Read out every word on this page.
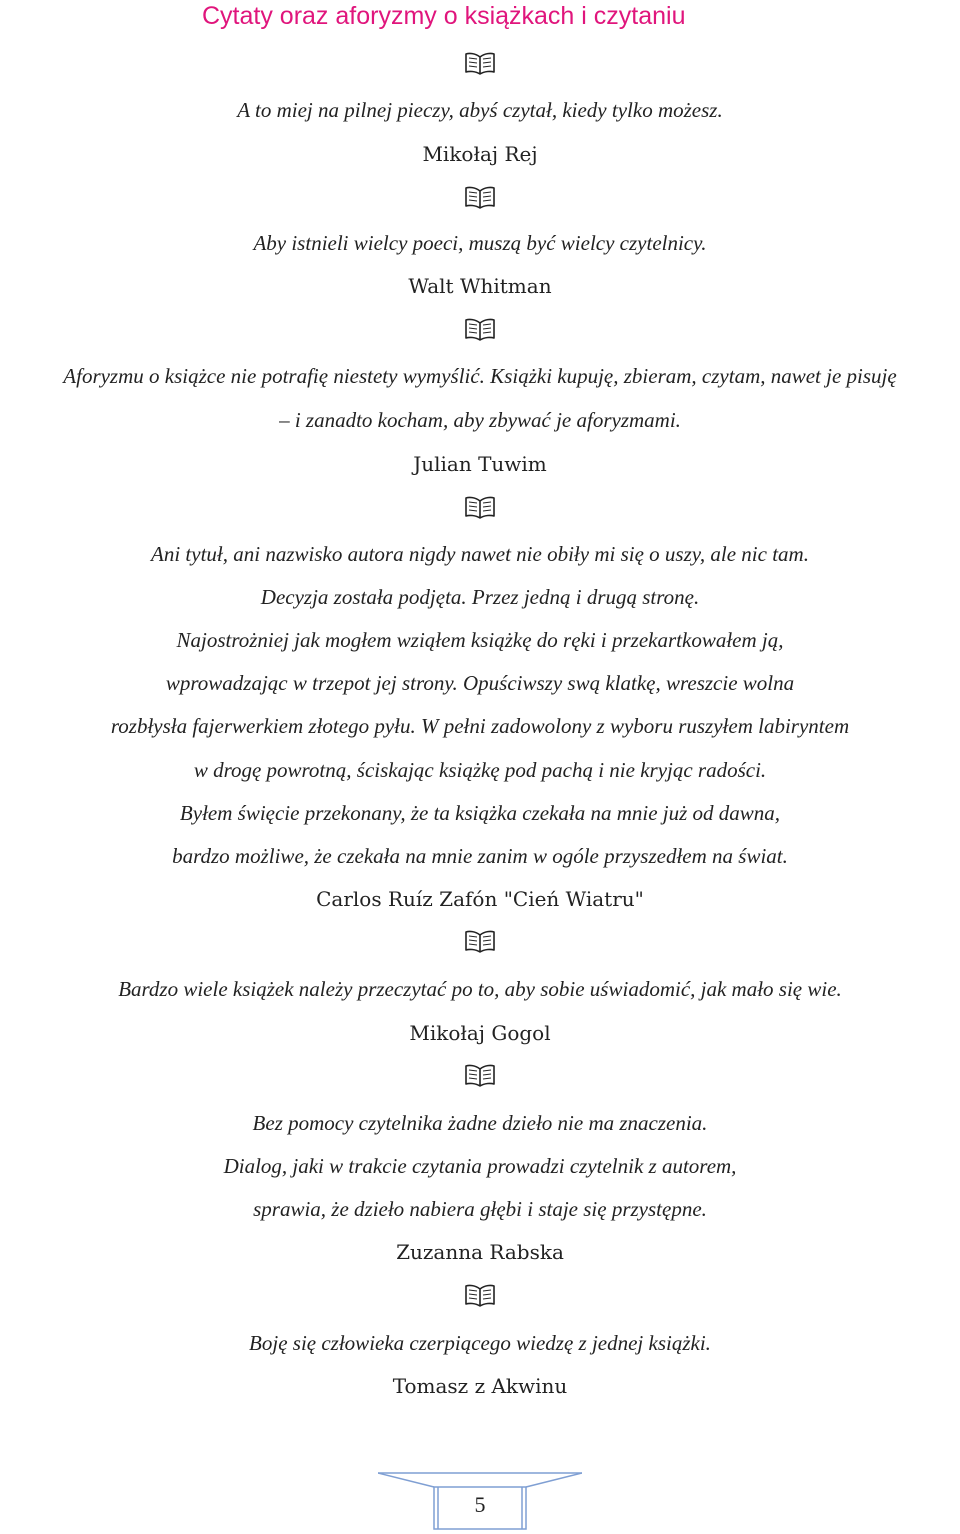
Cytaty oraz aforyzmy o książkach i czytaniu
A to miej na pilnej pieczy, abyś czytał, kiedy tylko możesz.
Mikołaj Rej
Aby istnieli wielcy poeci, muszą być wielcy czytelnicy.
Walt Whitman
Aforyzmu o książce nie potrafię niestety wymyślić. Książki kupuję, zbieram, czytam, nawet je pisuję
– i zanadto kocham, aby zbywać je aforyzmami.
Julian Tuwim
Ani tytuł, ani nazwisko autora nigdy nawet nie obiły mi się o uszy, ale nic tam.
Decyzja została podjęta. Przez jedną i drugą stronę.
Najostrożniej jak mogłem wziąłem książkę do ręki i przekartkowałem ją,
wprowadzając w trzepot jej strony. Opuściwszy swą klatkę, wreszcie wolna
rozbłysła fajerwerkiem złotego pyłu. W pełni zadowolony z wyboru ruszyłem labiryntem
w drogę powrotną, ściskając książkę pod pachą i nie kryjąc radości.
Byłem święcie przekonany, że ta książka czekała na mnie już od dawna,
bardzo możliwe, że czekała na mnie zanim w ogóle przyszedłem na świat.
Carlos Ruíz Zafón "Cień Wiatru"
Bardzo wiele książek należy przeczytać po to, aby sobie uświadomić, jak mało się wie.
Mikołaj Gogol
Bez pomocy czytelnika żadne dzieło nie ma znaczenia.
Dialog, jaki w trakcie czytania prowadzi czytelnik z autorem,
sprawia, że dzieło nabiera głębi i staje się przystępne.
Zuzanna Rabska
Boję się człowieka czerpiącego wiedzę z jednej książki.
Tomasz z Akwinu
5
